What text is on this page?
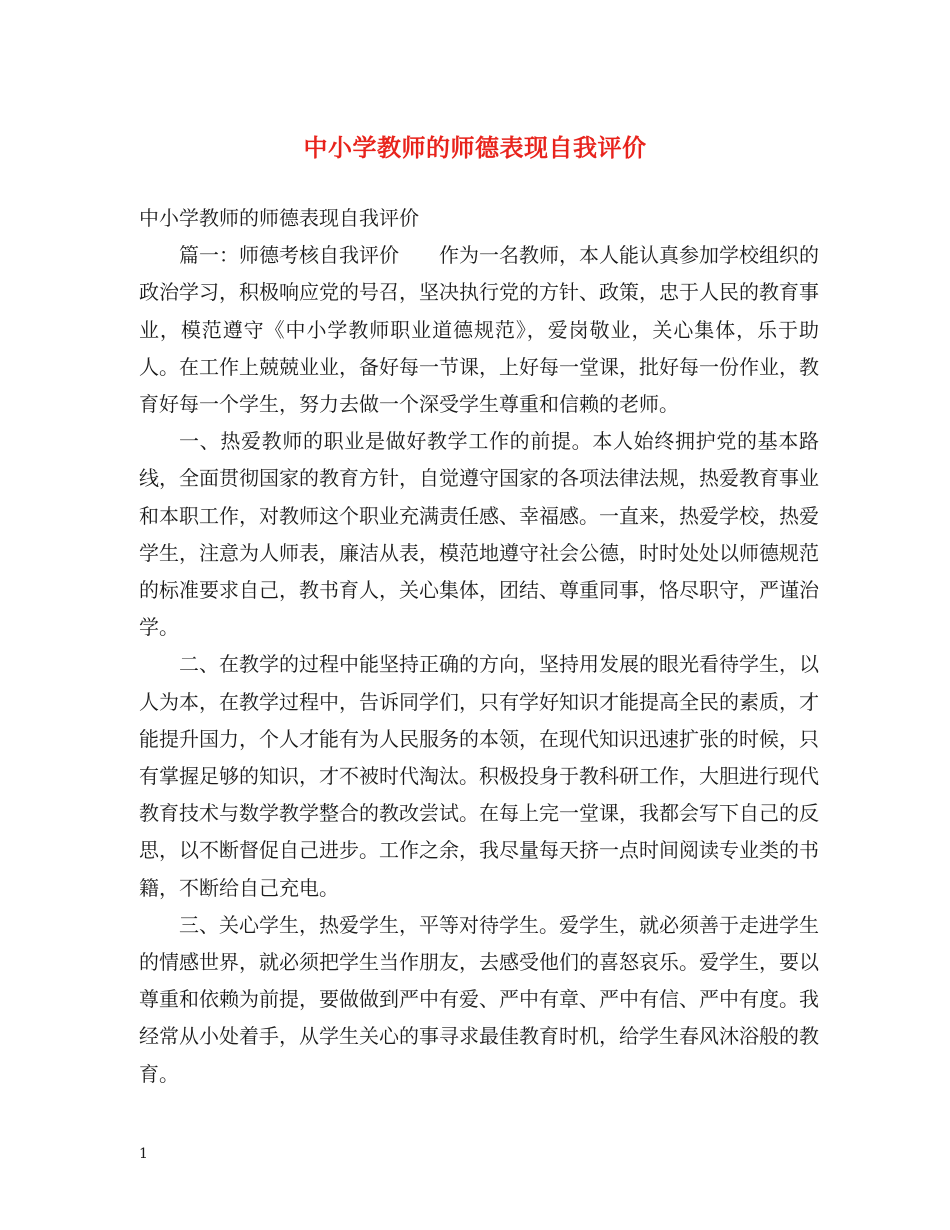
中小学教师的师德表现自我评价

中小学教师的师德表现自我评价

篇一：师德考核自我评价　　作为一名教师，本人能认真参加学校组织的政治学习，积极响应党的号召，坚决执行党的方针、政策，忠于人民的教育事业，模范遵守《中小学教师职业道德规范》，爱岗敬业，关心集体，乐于助人。在工作上兢兢业业，备好每一节课，上好每一堂课，批好每一份作业，教育好每一个学生，努力去做一个深受学生尊重和信赖的老师。

一、热爱教师的职业是做好教学工作的前提。本人始终拥护党的基本路线，全面贯彻国家的教育方针，自觉遵守国家的各项法律法规，热爱教育事业和本职工作，对教师这个职业充满责任感、幸福感。一直来，热爱学校，热爱学生，注意为人师表，廉洁从表，模范地遵守社会公德，时时处处以师德规范的标准要求自己，教书育人，关心集体，团结、尊重同事，恪尽职守，严谨治学。

二、在教学的过程中能坚持正确的方向，坚持用发展的眼光看待学生，以人为本，在教学过程中，告诉同学们，只有学好知识才能提高全民的素质，才能提升国力，个人才能有为人民服务的本领，在现代知识迅速扩张的时候，只有掌握足够的知识，才不被时代淘汰。积极投身于教科研工作，大胆进行现代教育技术与数学教学整合的教改尝试。在每上完一堂课，我都会写下自己的反思，以不断督促自己进步。工作之余，我尽量每天挤一点时间阅读专业类的书籍，不断给自己充电。

三、关心学生，热爱学生，平等对待学生。爱学生，就必须善于走进学生的情感世界，就必须把学生当作朋友，去感受他们的喜怒哀乐。爱学生，要以尊重和依赖为前提，要做做到严中有爱、严中有章、严中有信、严中有度。我经常从小处着手，从学生关心的事寻求最佳教育时机，给学生春风沐浴般的教育。

1
